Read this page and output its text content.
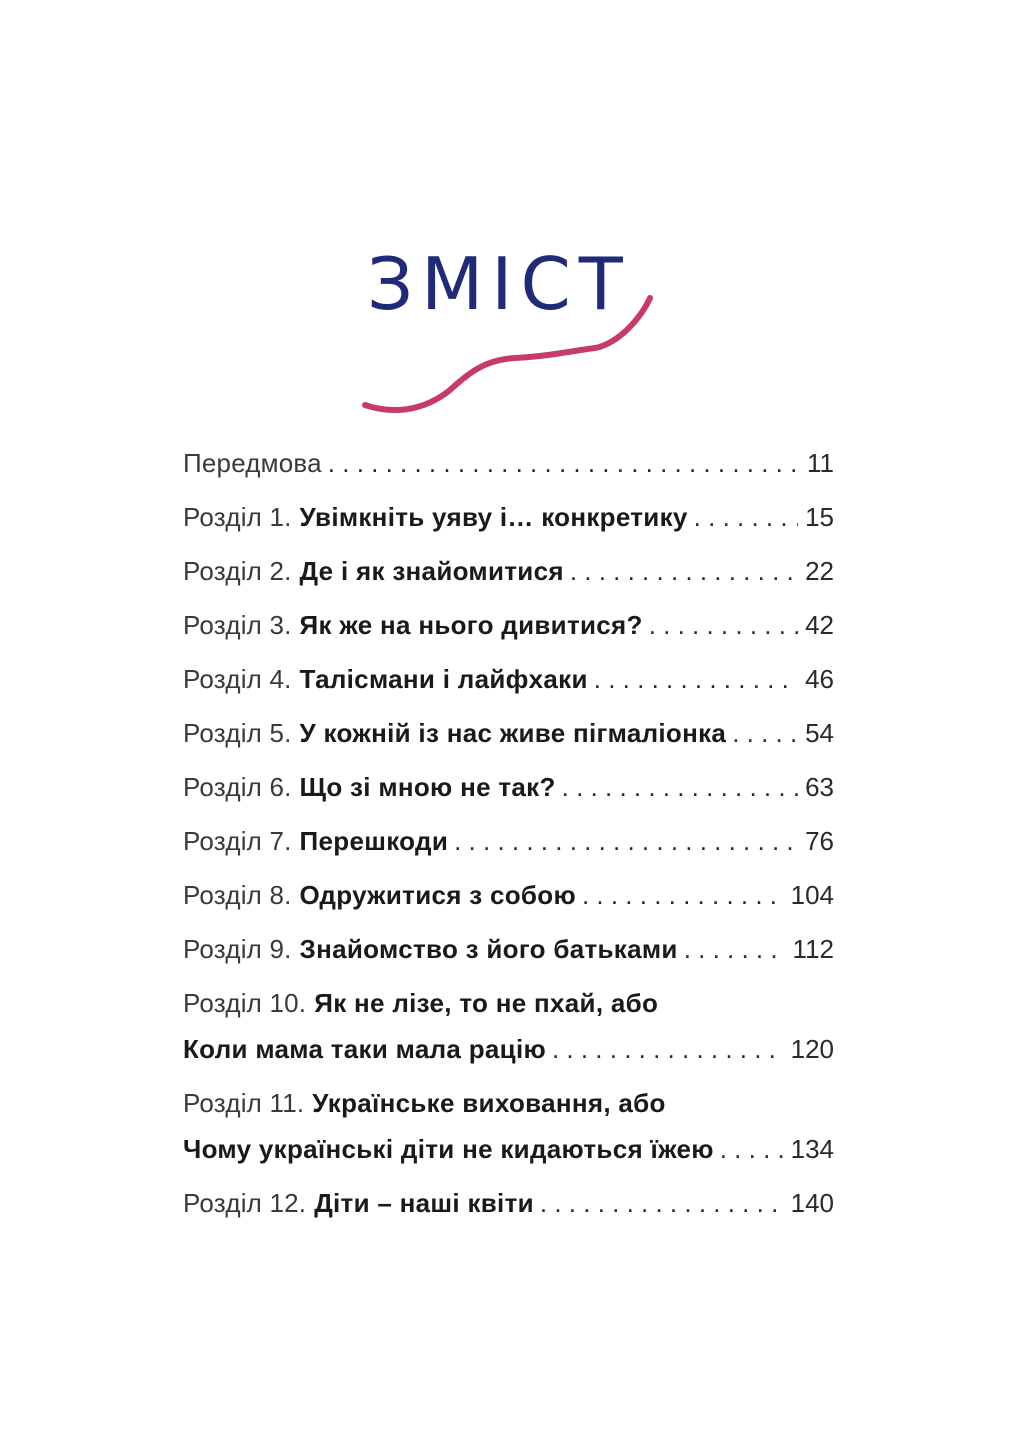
ЗМІСТ
Передмова . . .	11
Розділ 1. Увімкніть уяву і… конкретику . . .	15
Розділ 2. Де і як знайомитися . . .	22
Розділ 3. Як же на нього дивитися? . . .	42
Розділ 4. Талісмани і лайфхаки . . .	46
Розділ 5. У кожній із нас живе пігмаліонка . . .	54
Розділ 6. Що зі мною не так? . . .	63
Розділ 7. Перешкоди . . .	76
Розділ 8. Одружитися з собою . . .	104
Розділ 9. Знайомство з його батьками . . .	112
Розділ 10. Як не лізе, то не пхай, або
Коли мама таки мала рацію . . .	120
Розділ 11. Українське виховання, або
Чому українські діти не кидаються їжею . . .	134
Розділ 12. Діти – наші квіти . . .	140
